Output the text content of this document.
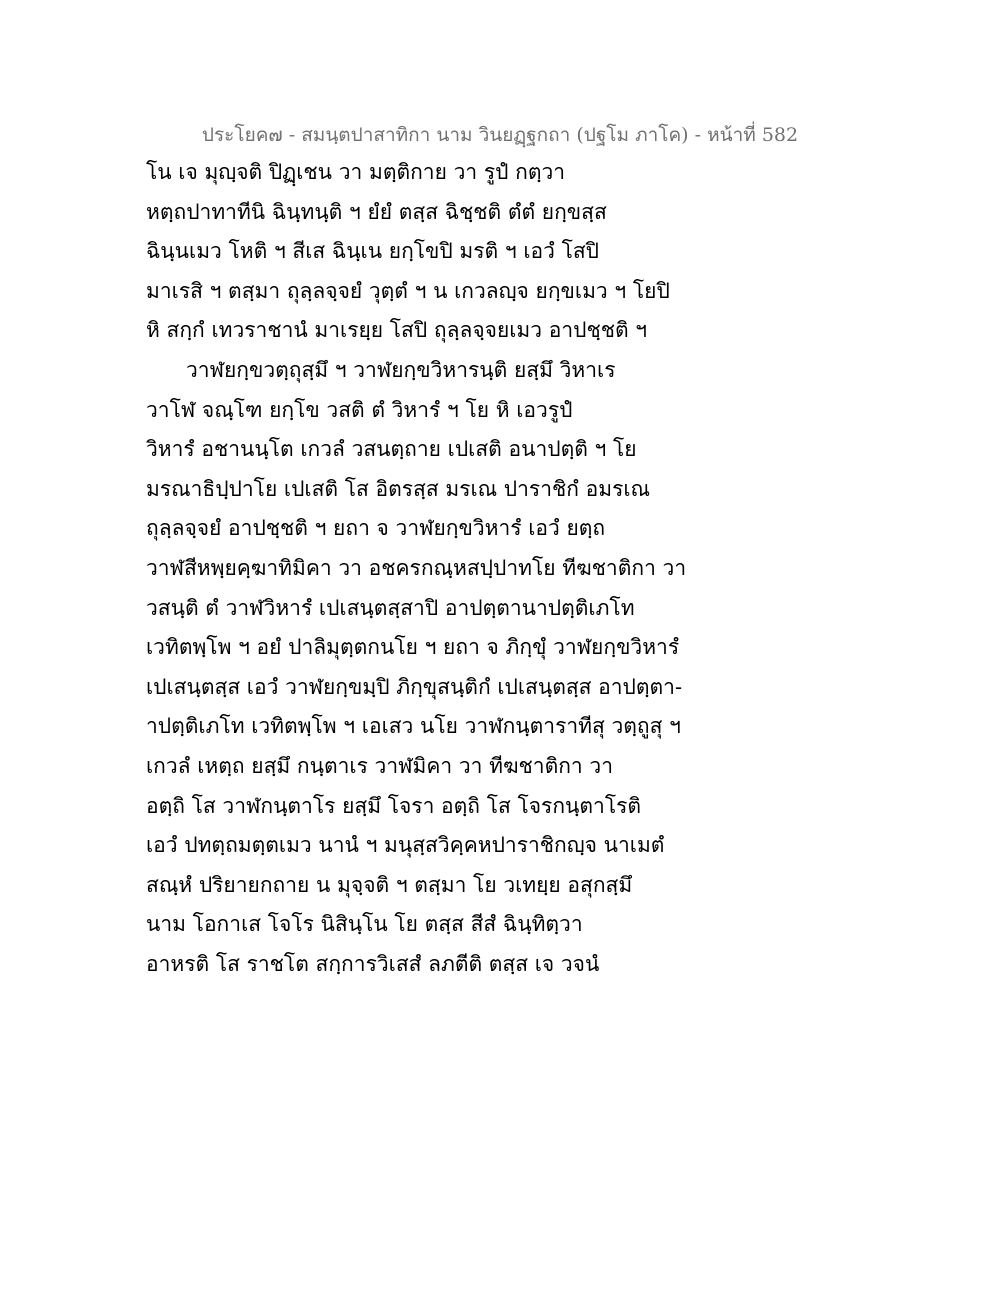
ประโยค๗ - สมนฺตปาสาทิกา นาม วินยฏฺฐกถา (ปฐโม ภาโค) - หน้าที่ 582
โน เจ มุญฺจติ ปิฏฺเชน วา มตฺติกาย วา รูปํ กตฺวา
หตฺถปาทาทีนิ ฉินฺทนฺติ ฯ ยํยํ ตสฺส ฉิชฺชติ ตํตํ ยกฺขสฺส
ฉินฺนเมว โหติ ฯ สีเส ฉินฺเน ยกฺโขปิ มรติ ฯ เอวํ โสปิ
มาเรสิ ฯ ตสฺมา ถุลฺลจฺจยํ วุตฺตํ ฯ น เกวลญฺจ ยกฺขเมว ฯ โยปิ
หิ สกฺกํ เทวราชานํ มาเรยฺย โสปิ ถุลฺลจฺจยเมว อาปชฺชติ ฯ
วาฬยกฺขวตฺถุสฺมึ ฯ วาฬยกฺขวิหารนฺติ ยสฺมึ วิหาเร
วาโฬ จณฺโฑ ยกฺโข วสติ ตํ วิหารํ ฯ โย หิ เอวรูปํ
วิหารํ อชานนฺโต เกวลํ วสนตฺถาย เปเสติ อนาปตฺติ ฯ โย
มรณาธิปฺปาโย เปเสติ โส อิตรสฺส มรเณ ปาราชิกํ อมรเณ
ถุลฺลจฺจยํ อาปชฺชติ ฯ ยถา จ วาฬยกฺขวิหารํ เอวํ ยตฺถ
วาฬสีหพฺยคฺฆาทิมิคา วา อชครกณฺหสปฺปาทโย ทีฆชาติกา วา
วสนฺติ ตํ วาฬวิหารํ เปเสนฺตสฺสาปิ อาปตฺตานาปตฺติเภโท
เวทิตพฺโพ ฯ อยํ ปาลิมุตฺตกนโย ฯ ยถา จ ภิกฺขุํ วาฬยกฺขวิหารํ
เปเสนฺตสฺส เอวํ วาฬยกฺขมฺปิ ภิกฺขุสนฺติกํ เปเสนฺตสฺส อาปตฺตา-
าปตฺติเภโท เวทิตพฺโพ ฯ เอเสว นโย วาฬกนฺตาราทีสุ วตฺถูสุ ฯ
เกวลํ เหตฺถ ยสฺมึ กนฺตาเร วาฬมิคา วา ทีฆชาติกา วา
อตฺถิ โส วาฬกนฺตาโร ยสฺมึ โจรา อตฺถิ โส โจรกนฺตาโรติ
เอวํ ปทตฺถมตฺตเมว นานํ ฯ มนุสฺสวิคฺคหปาราชิกญฺจ นาเมตํ
สณฺหํ ปริยายกถาย น มุจฺจติ ฯ ตสฺมา โย วเทยฺย อสุกสฺมึ
นาม โอกาเส โจโร นิสินฺโน โย ตสฺส สีสํ ฉินฺทิตฺวา
อาหรติ โส ราชโต สกฺการวิเสสํ ลภตีติ ตสฺส เจ วจนํ
